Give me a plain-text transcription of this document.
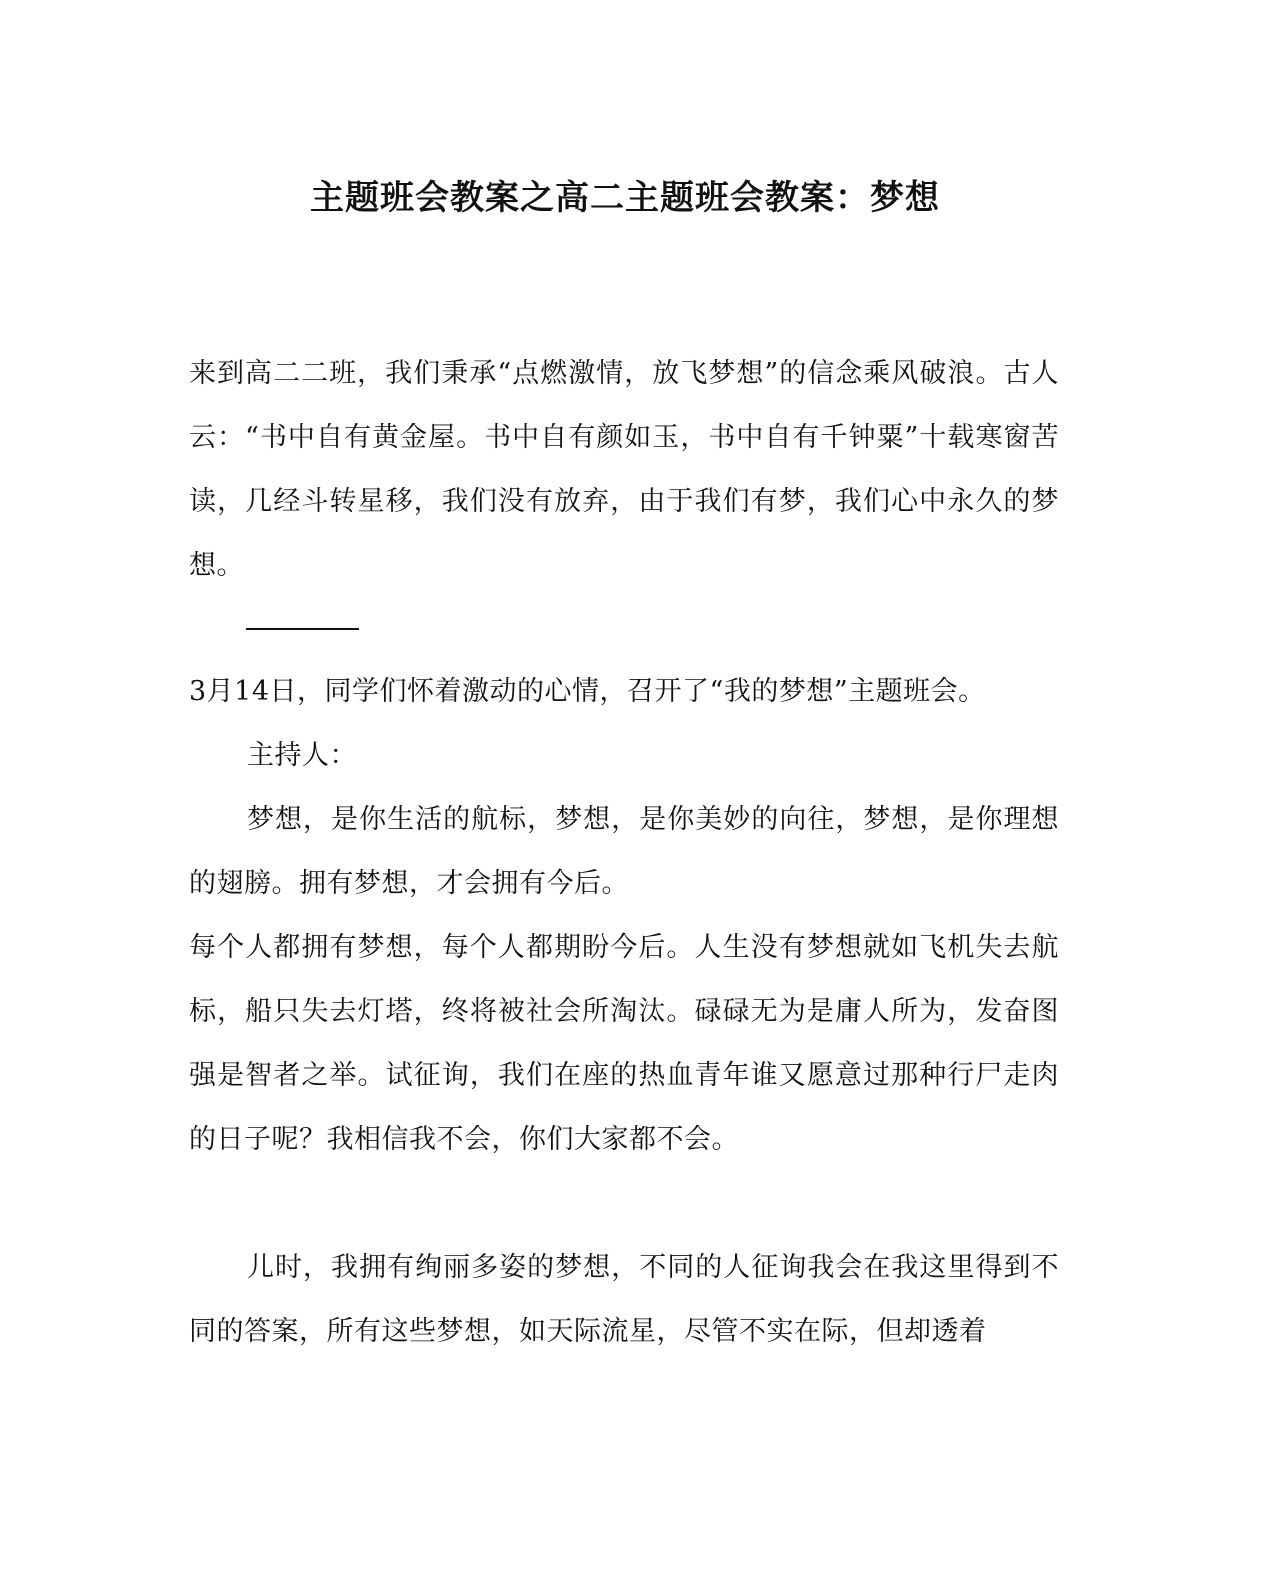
主题班会教案之高二主题班会教案：梦想

来到高二二班，我们秉承“点燃激情，放飞梦想”的信念乘风破浪。古人云：“书中自有黄金屋。书中自有颜如玉，书中自有千钟粟”十载寒窗苦读，几经斗转星移，我们没有放弃，由于我们有梦，我们心中永久的梦想。

3月14日，同学们怀着激动的心情，召开了“我的梦想”主题班会。

主持人：

梦想，是你生活的航标，梦想，是你美妙的向往，梦想，是你理想的翅膀。拥有梦想，才会拥有今后。

每个人都拥有梦想，每个人都期盼今后。人生没有梦想就如飞机失去航标，船只失去灯塔，终将被社会所淘汰。碌碌无为是庸人所为，发奋图强是智者之举。试征询，我们在座的热血青年谁又愿意过那种行尸走肉的日子呢？我相信我不会，你们大家都不会。

儿时，我拥有绚丽多姿的梦想，不同的人征询我会在我这里得到不同的答案，所有这些梦想，如天际流星，尽管不实在际，但却透着
